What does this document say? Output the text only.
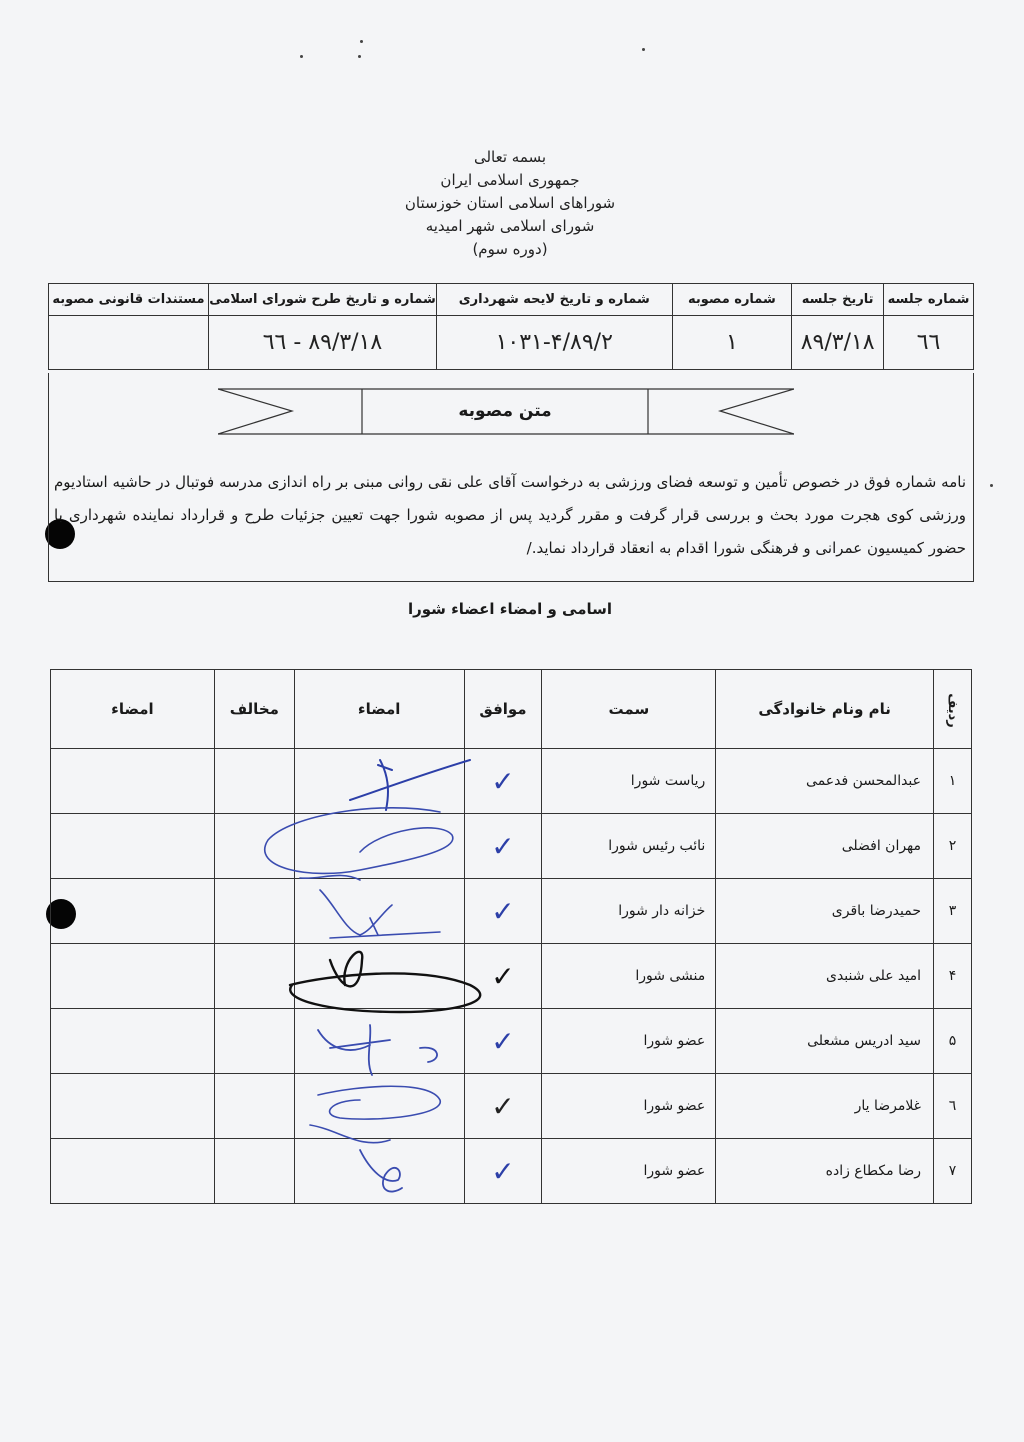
بسمه تعالی
جمهوری اسلامی ایران
شوراهای اسلامی استان خوزستان
شورای اسلامی شهر امیدیه
(دوره سوم)
شماره جلسه	تاریخ جلسه	شماره مصوبه	شماره و تاریخ لایحه شهرداری	شماره و تاریخ طرح شورای اسلامی	مستندات قانونی مصوبه
٦٦	٨٩/٣/١٨	١	٨٩/٢/۴-١٠٣١	٨٩/٣/١٨ - ٦٦	
متن مصوبه
نامه شماره فوق در خصوص تأمین و توسعه فضای ورزشی به درخواست آقای علی نقی روانی مبنی بر راه اندازی مدرسه فوتبال در حاشیه استادیوم ورزشی کوی هجرت مورد بحث و بررسی قرار گرفت و مقرر گردید پس از مصوبه شورا جهت تعیین جزئیات طرح و قرارداد نماینده شهرداری با حضور کمیسیون عمرانی و فرهنگی شورا اقدام به انعقاد قرارداد نماید./
اسامی و امضاء اعضاء شورا
ردیف	نام ونام خانوادگی	سمت	موافق	امضاء	مخالف	امضاء
١	عبدالمحسن فدعمی	ریاست شورا	✓			
٢	مهران افضلی	نائب رئیس شورا	✓			
٣	حمیدرضا باقری	خزانه دار شورا	✓			
۴	امید علی شنبدی	منشی شورا	✓			
۵	سید ادریس مشعلی	عضو شورا	✓			
٦	غلامرضا یار	عضو شورا	✓			
٧	رضا مکطاع زاده	عضو شورا	✓			
